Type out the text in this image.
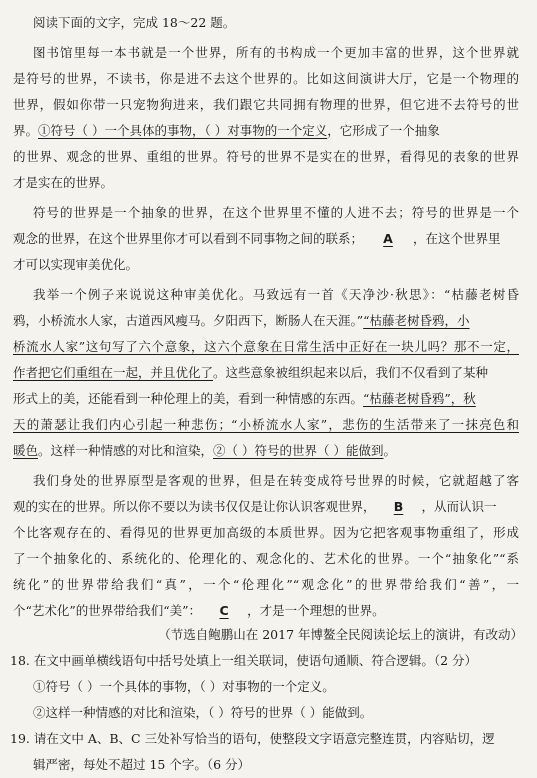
阅读下面的文字，完成 18～22 题。
图书馆里每一本书就是一个世界，所有的书构成一个更加丰富的世界，这个世界就
是符号的世界，不读书，你是进不去这个世界的。比如这间演讲大厅，它是一个物理的
世界，假如你带一只宠物狗进来，我们跟它共同拥有物理的世界，但它进不去符号的世
界。①符号（ ）一个具体的事物，（ ）对事物的一个定义，它形成了一个抽象
的世界、观念的世界、重组的世界。符号的世界不是实在的世界，看得见的表象的世界
才是实在的世界。
符号的世界是一个抽象的世界，在这个世界里不懂的人进不去；符号的世界是一个
观念的世界，在这个世界里你才可以看到不同事物之间的联系； A ，在这个世界里
才可以实现审美优化。
我举一个例子来说说这种审美优化。马致远有一首《天净沙·秋思》：“枯藤老树昏
鸦，小桥流水人家，古道西风瘦马。夕阳西下，断肠人在天涯。”“枯藤老树昏鸦，小
桥流水人家”这句写了六个意象，这六个意象在日常生活中正好在一块儿吗？那不一定，
作者把它们重组在一起，并且优化了。这些意象被组织起来以后，我们不仅看到了某种
形式上的美，还能看到一种伦理上的美，看到一种情感的东西。“枯藤老树昏鸦”，秋
天的萧瑟让我们内心引起一种悲伤；“小桥流水人家”，悲伤的生活带来了一抹亮色和
暖色。这样一种情感的对比和渲染，②（ ）符号的世界（ ）能做到。
我们身处的世界原型是客观的世界，但是在转变成符号世界的时候，它就超越了客
观的实在的世界。所以你不要以为读书仅仅是让你认识客观世界， B ，从而认识一
个比客观存在的、看得见的世界更加高级的本质世界。因为它把客观事物重组了，形成
了一个抽象化的、系统化的、伦理化的、观念化的、艺术化的世界。一个“抽象化”“系
统化”的世界带给我们“真”，一个“伦理化”“观念化”的世界带给我们“善”，一
个“艺术化”的世界带给我们“美”： C ，才是一个理想的世界。
（节选自鲍鹏山在 2017 年博鳌全民阅读论坛上的演讲，有改动）
18. 在文中画单横线语句中括号处填上一组关联词，使语句通顺、符合逻辑。（2 分）
①符号（ ）一个具体的事物，（ ）对事物的一个定义。
②这样一种情感的对比和渲染，（ ）符号的世界（ ）能做到。
19. 请在文中 A、B、C 三处补写恰当的语句，使整段文字语意完整连贯，内容贴切，逻
辑严密，每处不超过 15 个字。（6 分）
